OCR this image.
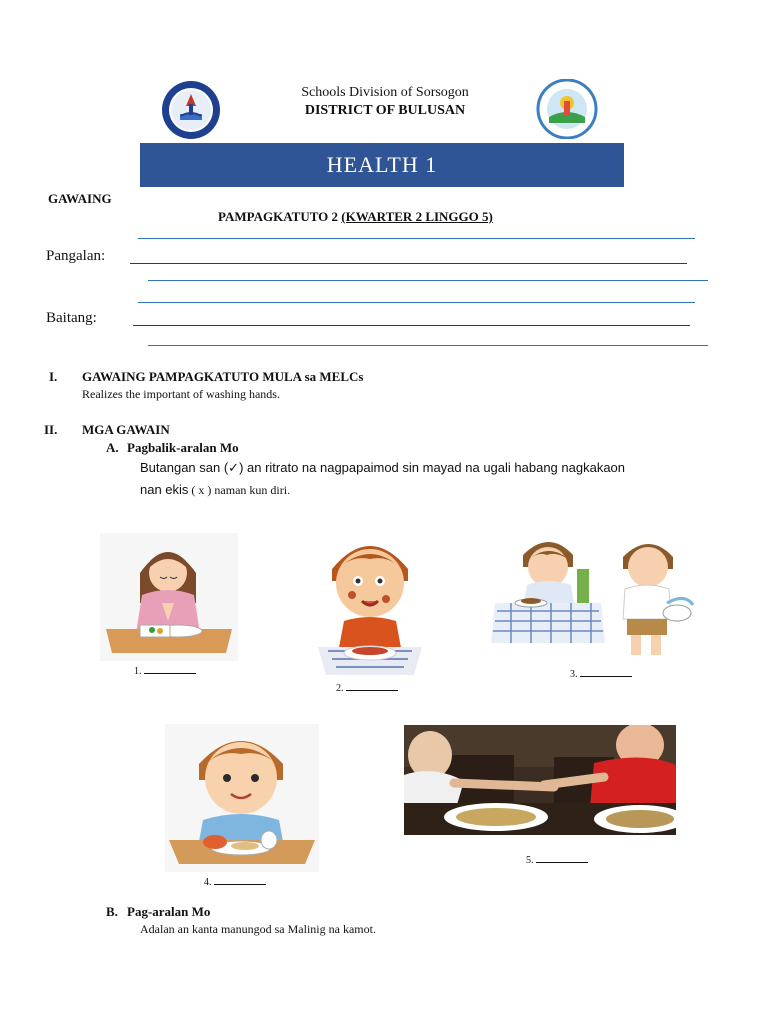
Schools Division of Sorsogon
DISTRICT OF BULUSAN
HEALTH 1
GAWAING
PAMPAGKATUTO 2 (KWARTER 2 LINGGO 5)
Pangalan:
Baitang:
I. GAWAING PAMPAGKATUTO MULA sa MELCs
Realizes the important of washing hands.
II. MGA GAWAIN
A. Pagbalik-aralan Mo
Butangan san (✓) an ritrato na nagpapaimod sin mayad na ugali habang nagkakaon
nan ekis ( x ) naman kun diri.
1.
2.
3.
4.
5.
B. Pag-aralan Mo
Adalan an kanta manungod sa Malinig na kamot.
